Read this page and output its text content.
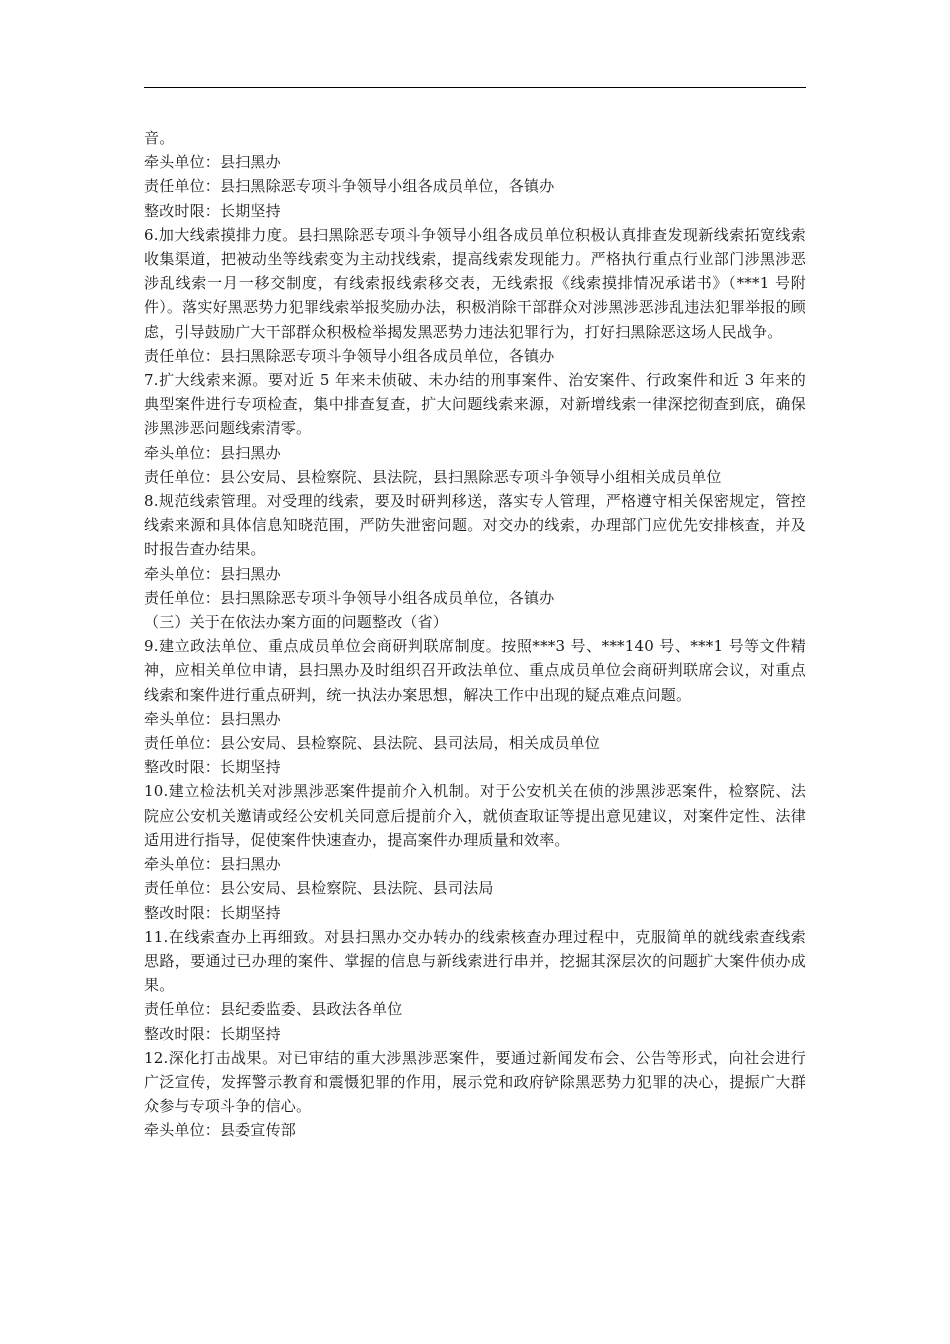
音。

牵头单位：县扫黑办

责任单位：县扫黑除恶专项斗争领导小组各成员单位，各镇办

整改时限：长期坚持

6.加大线索摸排力度。县扫黑除恶专项斗争领导小组各成员单位积极认真排查发现新线索拓宽线索收集渠道，把被动坐等线索变为主动找线索，提高线索发现能力。严格执行重点行业部门涉黑涉恶涉乱线索一月一移交制度，有线索报线索移交表，无线索报《线索摸排情况承诺书》（***1 号附件）。落实好黑恶势力犯罪线索举报奖励办法，积极消除干部群众对涉黑涉恶涉乱违法犯罪举报的顾虑，引导鼓励广大干部群众积极检举揭发黑恶势力违法犯罪行为，打好扫黑除恶这场人民战争。

责任单位：县扫黑除恶专项斗争领导小组各成员单位，各镇办

7.扩大线索来源。要对近 5 年来未侦破、未办结的刑事案件、治安案件、行政案件和近 3 年来的典型案件进行专项检查，集中排查复查，扩大问题线索来源，对新增线索一律深挖彻查到底，确保涉黑涉恶问题线索清零。

牵头单位：县扫黑办

责任单位：县公安局、县检察院、县法院，县扫黑除恶专项斗争领导小组相关成员单位

8.规范线索管理。对受理的线索，要及时研判移送，落实专人管理，严格遵守相关保密规定，管控线索来源和具体信息知晓范围，严防失泄密问题。对交办的线索，办理部门应优先安排核查，并及时报告查办结果。

牵头单位：县扫黑办

责任单位：县扫黑除恶专项斗争领导小组各成员单位，各镇办

（三）关于在依法办案方面的问题整改（省）

9.建立政法单位、重点成员单位会商研判联席制度。按照***3 号、***140 号、***1 号等文件精神，应相关单位申请，县扫黑办及时组织召开政法单位、重点成员单位会商研判联席会议，对重点线索和案件进行重点研判，统一执法办案思想，解决工作中出现的疑点难点问题。

牵头单位：县扫黑办

责任单位：县公安局、县检察院、县法院、县司法局，相关成员单位

整改时限：长期坚持

10.建立检法机关对涉黑涉恶案件提前介入机制。对于公安机关在侦的涉黑涉恶案件，检察院、法院应公安机关邀请或经公安机关同意后提前介入，就侦查取证等提出意见建议，对案件定性、法律适用进行指导，促使案件快速查办，提高案件办理质量和效率。

牵头单位：县扫黑办

责任单位：县公安局、县检察院、县法院、县司法局

整改时限：长期坚持

11.在线索查办上再细致。对县扫黑办交办转办的线索核查办理过程中，克服简单的就线索查线索思路，要通过已办理的案件、掌握的信息与新线索进行串并，挖掘其深层次的问题扩大案件侦办成果。

责任单位：县纪委监委、县政法各单位

整改时限：长期坚持

12.深化打击战果。对已审结的重大涉黑涉恶案件，要通过新闻发布会、公告等形式，向社会进行广泛宣传，发挥警示教育和震慑犯罪的作用，展示党和政府铲除黑恶势力犯罪的决心，提振广大群众参与专项斗争的信心。

牵头单位：县委宣传部
